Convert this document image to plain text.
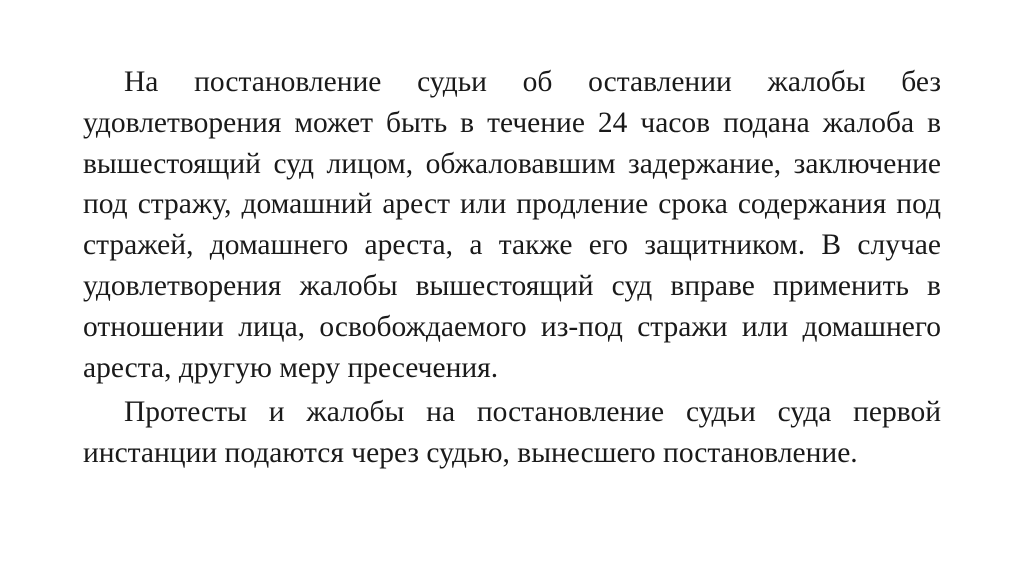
На постановление судьи об оставлении жалобы без удовлетворения может быть в течение 24 часов подана жалоба в вышестоящий суд лицом, обжаловавшим задержание, заключение под стражу, домашний арест или продление срока содержания под стражей, домашнего ареста, а также его защитником. В случае удовлетворения жалобы вышестоящий суд вправе применить в отношении лица, освобождаемого из-под стражи или домашнего ареста, другую меру пресечения.

Протесты и жалобы на постановление судьи суда первой инстанции подаются через судью, вынесшего постановление.
